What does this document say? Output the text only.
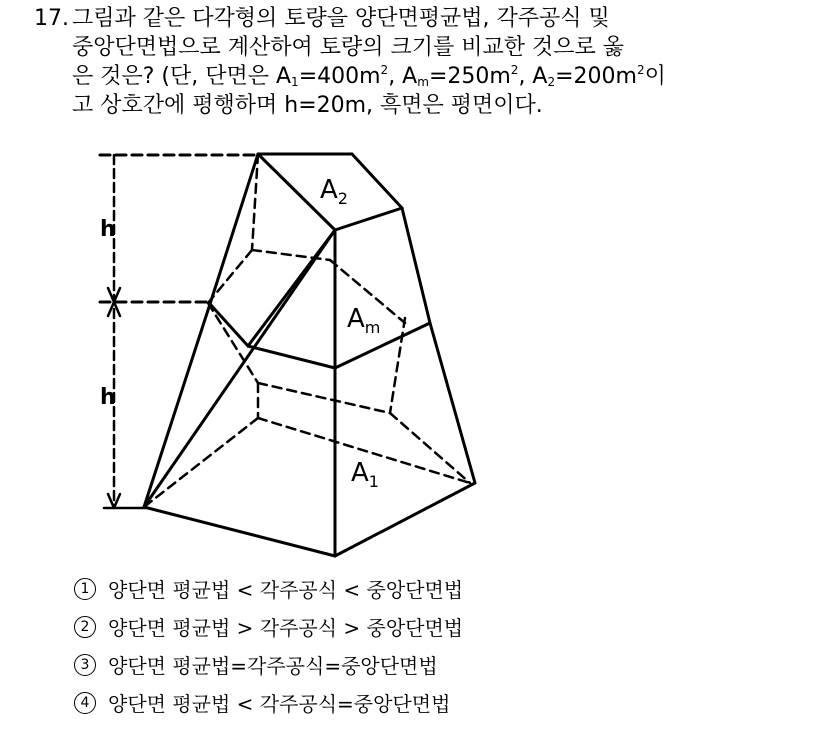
17. 그림과 같은 다각형의 토량을 양단면평균법, 각주공식 및
중앙단면법으로 계산하여 토량의 크기를 비교한 것으로 옳
은 것은? (단, 단면은 $A_1=400m^2$, $A_m=250m^2$, $A_2=200m^2$이
고 상호간에 평행하며 h=20m, 흑면은 평면이다.
h
h
$A_2$
$A_m$
$A_1$
1 양단면 평균법 < 각주공식 < 중앙단면법
2 양단면 평균법 > 각주공식 > 중앙단면법
3 양단면 평균법=각주공식=중앙단면법
4 양단면 평균법 < 각주공식=중앙단면법
